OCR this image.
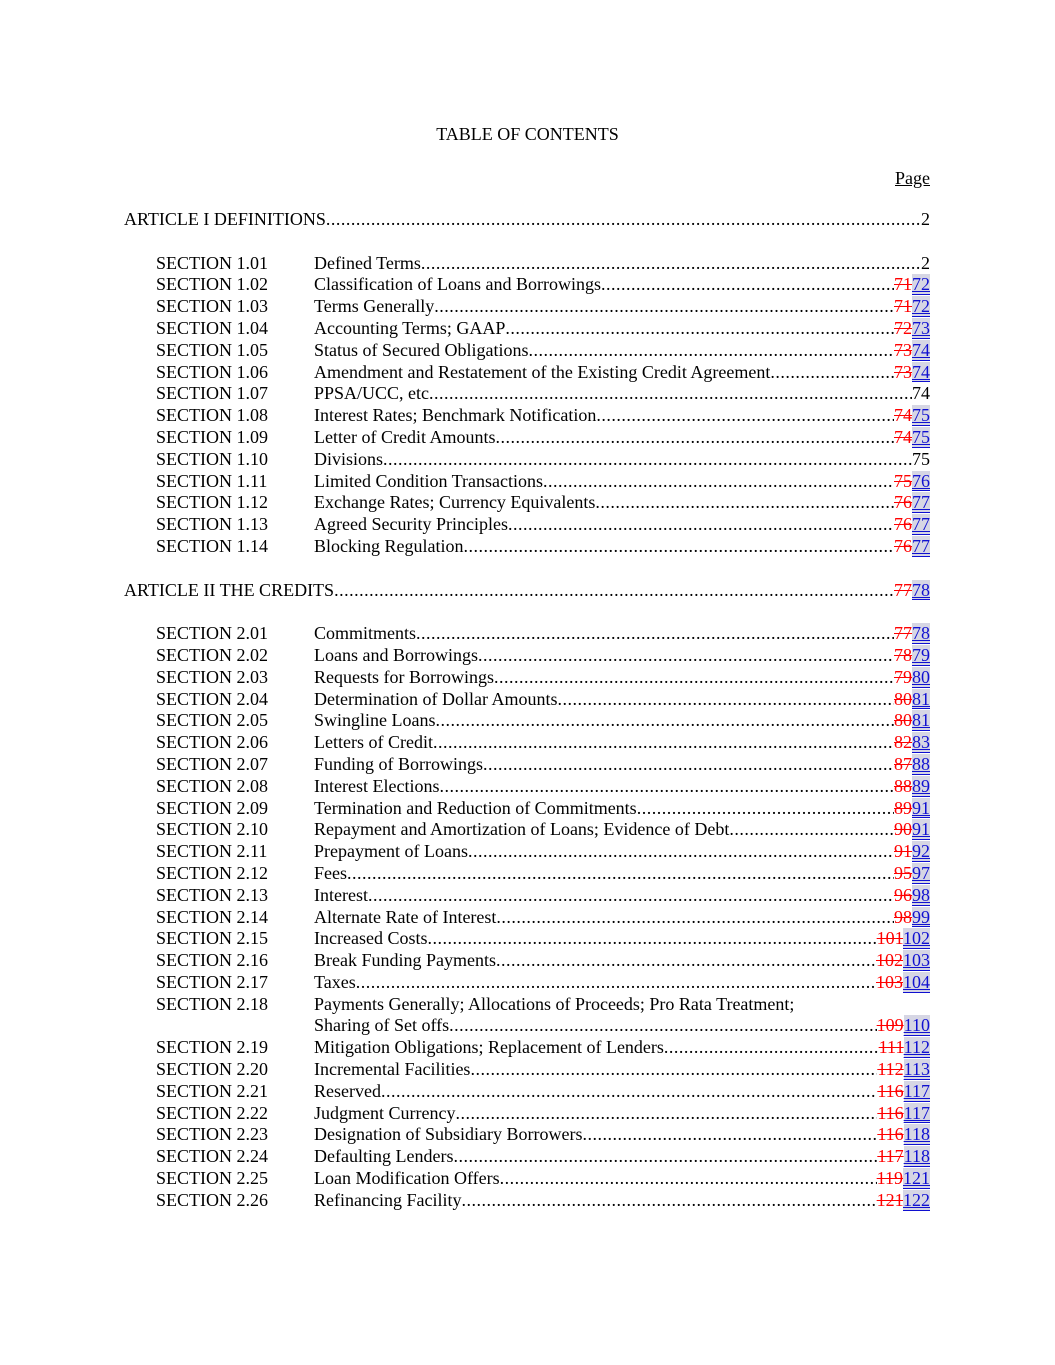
TABLE OF CONTENTS
Page
ARTICLE I DEFINITIONS .....	2
SECTION 1.01	Defined Terms .....	2
SECTION 1.02	Classification of Loans and Borrowings .....	7172
SECTION 1.03	Terms Generally .....	7172
SECTION 1.04	Accounting Terms; GAAP .....	7273
SECTION 1.05	Status of Secured Obligations .....	7374
SECTION 1.06	Amendment and Restatement of the Existing Credit Agreement .....	7374
SECTION 1.07	PPSA/UCC, etc .....	74
SECTION 1.08	Interest Rates; Benchmark Notification .....	7475
SECTION 1.09	Letter of Credit Amounts .....	7475
SECTION 1.10	Divisions .....	75
SECTION 1.11	Limited Condition Transactions .....	7576
SECTION 1.12	Exchange Rates; Currency Equivalents .....	7677
SECTION 1.13	Agreed Security Principles .....	7677
SECTION 1.14	Blocking Regulation .....	7677
ARTICLE II THE CREDITS .....	7778
SECTION 2.01	Commitments .....	7778
SECTION 2.02	Loans and Borrowings .....	7879
SECTION 2.03	Requests for Borrowings .....	7980
SECTION 2.04	Determination of Dollar Amounts .....	8081
SECTION 2.05	Swingline Loans .....	8081
SECTION 2.06	Letters of Credit .....	8283
SECTION 2.07	Funding of Borrowings .....	8788
SECTION 2.08	Interest Elections .....	8889
SECTION 2.09	Termination and Reduction of Commitments .....	8991
SECTION 2.10	Repayment and Amortization of Loans; Evidence of Debt .....	9091
SECTION 2.11	Prepayment of Loans .....	9192
SECTION 2.12	Fees .....	9597
SECTION 2.13	Interest .....	9698
SECTION 2.14	Alternate Rate of Interest .....	9899
SECTION 2.15	Increased Costs .....	101102
SECTION 2.16	Break Funding Payments .....	102103
SECTION 2.17	Taxes .....	103104
SECTION 2.18	Payments Generally; Allocations of Proceeds; Pro Rata Treatment;
Sharing of Set offs .....	109110
SECTION 2.19	Mitigation Obligations; Replacement of Lenders .....	111112
SECTION 2.20	Incremental Facilities .....	112113
SECTION 2.21	Reserved .....	116117
SECTION 2.22	Judgment Currency .....	116117
SECTION 2.23	Designation of Subsidiary Borrowers .....	116118
SECTION 2.24	Defaulting Lenders .....	117118
SECTION 2.25	Loan Modification Offers .....	119121
SECTION 2.26	Refinancing Facility .....	121122
